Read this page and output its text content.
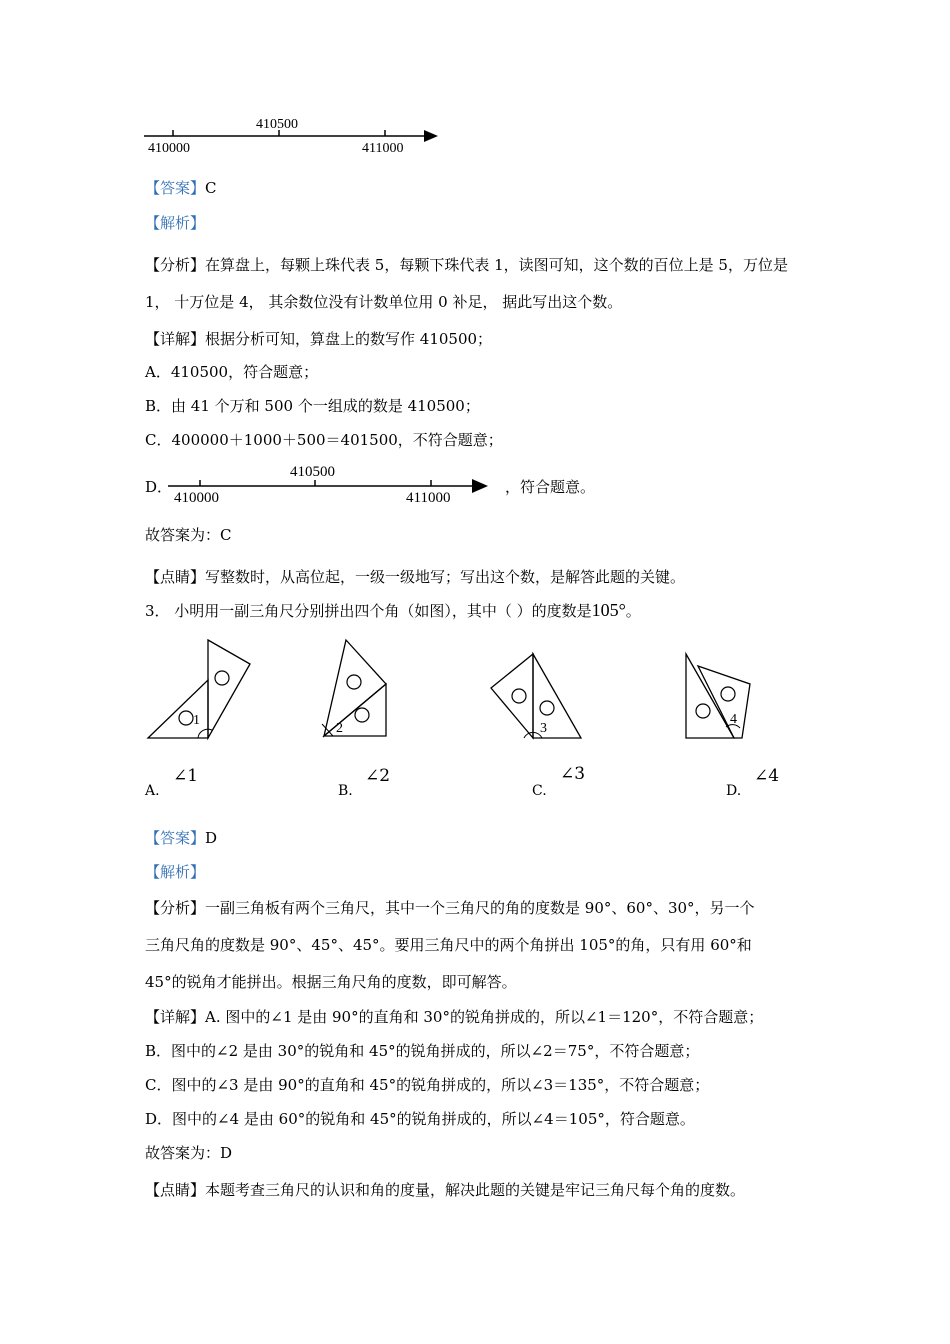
410500
410000	411000
【答案】C
【解析】
【分析】在算盘上，每颗上珠代表 5，每颗下珠代表 1，读图可知，这个数的百位上是 5，万位是
1， 十万位是 4， 其余数位没有计数单位用 0 补足， 据此写出这个数。
【详解】根据分析可知，算盘上的数写作 410500；
A．410500，符合题意；
B．由 41 个万和 500 个一组成的数是 410500；
C．400000＋1000＋500＝401500，不符合题意；
D．
410500
410000	411000
，符合题意。
故答案为：C
【点睛】写整数时，从高位起，一级一级地写；写出这个数，是解答此题的关键。
3． 小明用一副三角尺分别拼出四个角（如图），其中（ ）的度数是105°。
1
2	3
4
A.
∠1
B.
∠2
C.
∠3
D.
∠4
【答案】D
【解析】
【分析】一副三角板有两个三角尺，其中一个三角尺的角的度数是 90°、60°、30°，另一个
三角尺角的度数是 90°、45°、45°。要用三角尺中的两个角拼出 105°的角，只有用 60°和
45°的锐角才能拼出。根据三角尺角的度数，即可解答。
【详解】A. 图中的∠1 是由 90°的直角和 30°的锐角拼成的，所以∠1＝120°，不符合题意；
B．图中的∠2 是由 30°的锐角和 45°的锐角拼成的，所以∠2＝75°，不符合题意；
C．图中的∠3 是由 90°的直角和 45°的锐角拼成的，所以∠3＝135°，不符合题意；
D．图中的∠4 是由 60°的锐角和 45°的锐角拼成的，所以∠4＝105°，符合题意。
故答案为：D
【点睛】本题考查三角尺的认识和角的度量，解决此题的关键是牢记三角尺每个角的度数。
